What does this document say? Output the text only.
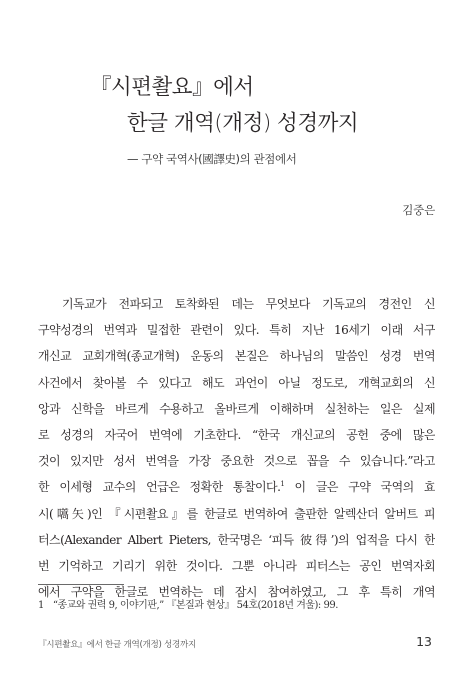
『시편촬요』에서
한글 개역(개정) 성경까지

— 구약 국역사(國譯史)의 관점에서

김중은
기독교가 전파되고 토착화된 데는 무엇보다 기독교의 경전인 신
구약성경의 번역과 밀접한 관련이 있다. 특히 지난 16세기 이래 서구
개신교 교회개혁(종교개혁) 운동의 본질은 하나님의 말씀인 성경 번역
사건에서 찾아볼 수 있다고 해도 과언이 아닐 정도로, 개혁교회의 신
앙과 신학을 바르게 수용하고 올바르게 이해하며 실천하는 일은 실제
로 성경의 자국어 번역에 기초한다. “한국 개신교의 공헌 중에 많은
것이 있지만 성서 번역을 가장 중요한 것으로 꼽을 수 있습니다.”라고
한 이세형 교수의 언급은 정확한 통찰이다.$^1$ 이 글은 구약 국역의 효
시(嚆矢)인 『시편촬요』를 한글로 번역하여 출판한 알렉산더 알버트 피
터스(Alexander Albert Pieters, 한국명은 ‘피득 彼得’)의 업적을 다시 한
번 기억하고 기리기 위한 것이다. 그뿐 아니라 피터스는 공인 번역자회
에서 구약을 한글로 번역하는 데 잠시 참여하였고, 그 후 특히 개역
1 “종교와 권력 9, 이야기판,” 『본질과 현상』 54호(2018년 겨울): 99.
『시편촬요』에서 한글 개역(개정) 성경까지	13
